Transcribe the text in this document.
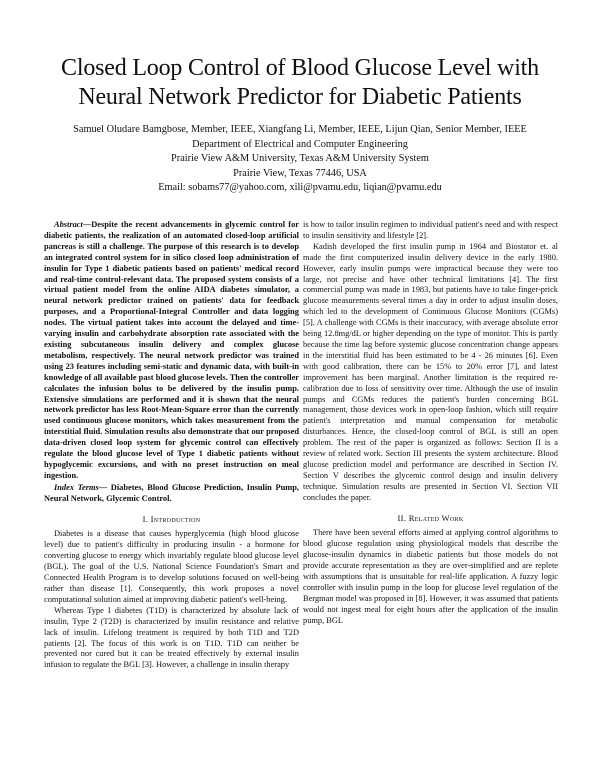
Closed Loop Control of Blood Glucose Level with
Neural Network Predictor for Diabetic Patients
Samuel Oludare Bamgbose, Member, IEEE, Xiangfang Li, Member, IEEE, Lijun Qian, Senior Member, IEEE
Department of Electrical and Computer Engineering
Prairie View A&M University, Texas A&M University System
Prairie View, Texas 77446, USA
Email: sobams77@yahoo.com, xili@pvamu.edu, liqian@pvamu.edu

Abstract—Despite the recent advancements in glycemic control for diabetic patients, the realization of an automated closed-loop artificial pancreas is still a challenge. The purpose of this research is to develop an integrated control system for in silico closed loop administration of insulin for Type 1 diabetic patients based on patients' medical record and real-time control-relevant data. The proposed system consists of a virtual patient model from the online AIDA diabetes simulator, a neural network predictor trained on patients' data for feedback purposes, and a Proportional-Integral Controller and data logging nodes. The virtual patient takes into account the delayed and time-varying insulin and carbohydrate absorption rate associated with the existing subcutaneous insulin delivery and complex glucose metabolism, respectively. The neural network predictor was trained using 23 features including semi-static and dynamic data, with built-in knowledge of all available past blood glucose levels. Then the controller calculates the infusion bolus to be delivered by the insulin pump. Extensive simulations are performed and it is shown that the neural network predictor has less Root-Mean-Square error than the currently used continuous glucose monitors, which takes measurement from the interstitial fluid. Simulation results also demonstrate that our proposed data-driven closed loop system for glycemic control can effectively regulate the blood glucose level of Type 1 diabetic patients without hypoglycemic excursions, and with no preset instruction on meal ingestion.

Index Terms— Diabetes, Blood Glucose Prediction, Insulin Pump, Neural Network, Glycemic Control.

I. Introduction

Diabetes is a disease that causes hyperglycemia (high blood glucose level) due to patient's difficulty in producing insulin - a hormone for converting glucose to energy which invariably regulate blood glucose level (BGL). The goal of the U.S. National Science Foundation's Smart and Connected Health Program is to develop solutions focused on well-being rather than disease [1]. Consequently, this work proposes a novel computational solution aimed at improving diabetic patient's well-being.

Whereas Type I diabetes (T1D) is characterized by absolute lack of insulin, Type 2 (T2D) is characterized by insulin resistance and relative lack of insulin. Lifelong treatment is required by both T1D and T2D patients [2]. The focus of this work is on T1D. T1D can neither be prevented nor cured but it can be treated effectively by external insulin infusion to regulate the BGL [3]. However, a challenge in insulin therapy

is how to tailor insulin regimen to individual patient's need and with respect to insulin sensitivity and lifestyle [2].

Kadish developed the first insulin pump in 1964 and Biostator et. al made the first computerized insulin delivery device in the early 1980. However, early insulin pumps were impractical because they were too large, not precise and have other technical limitations [4]. The first commercial pump was made in 1983, but patients have to take finger-prick glucose measurements several times a day in order to adjust insulin doses, which led to the development of Continuous Glucose Monitors (CGMs) [5]. A challenge with CGMs is their inaccuracy, with average absolute error being 12.8mg/dL or higher depending on the type of monitor. This is partly because the time lag before systemic glucose concentration change appears in the interstitial fluid has been estimated to be 4 - 26 minutes [6]. Even with good calibration, there can be 15% to 20% error [7], and latest improvement has been marginal. Another limitation is the required re-calibration due to loss of sensitivity over time. Although the use of insulin pumps and CGMs reduces the patient's burden concerning BGL management, those devices work in open-loop fashion, which still require patient's interpretation and manual compensation for metabolic disturbances. Hence, the closed-loop control of BGL is still an open problem. The rest of the paper is organized as follows: Section II is a review of related work. Section III presents the system architecture. Blood glucose prediction model and performance are described in Section IV. Section V describes the glycemic control design and insulin delivery technique. Simulation results are presented in Section VI. Section VII concludes the paper.

II. Related Work

There have been several efforts aimed at applying control algorithms to blood glucose regulation using physiological models that describe the glucose-insulin dynamics in diabetic patients but those models do not provide accurate representation as they are over-simplified and are replete with assumptions that is unsuitable for real-life application. A fuzzy logic controller with insulin pump in the loop for glucose level regulation of the Bergman model was proposed in [8]. However, it was assumed that patients would not ingest meal for eight hours after the application of the insulin pump, BGL
